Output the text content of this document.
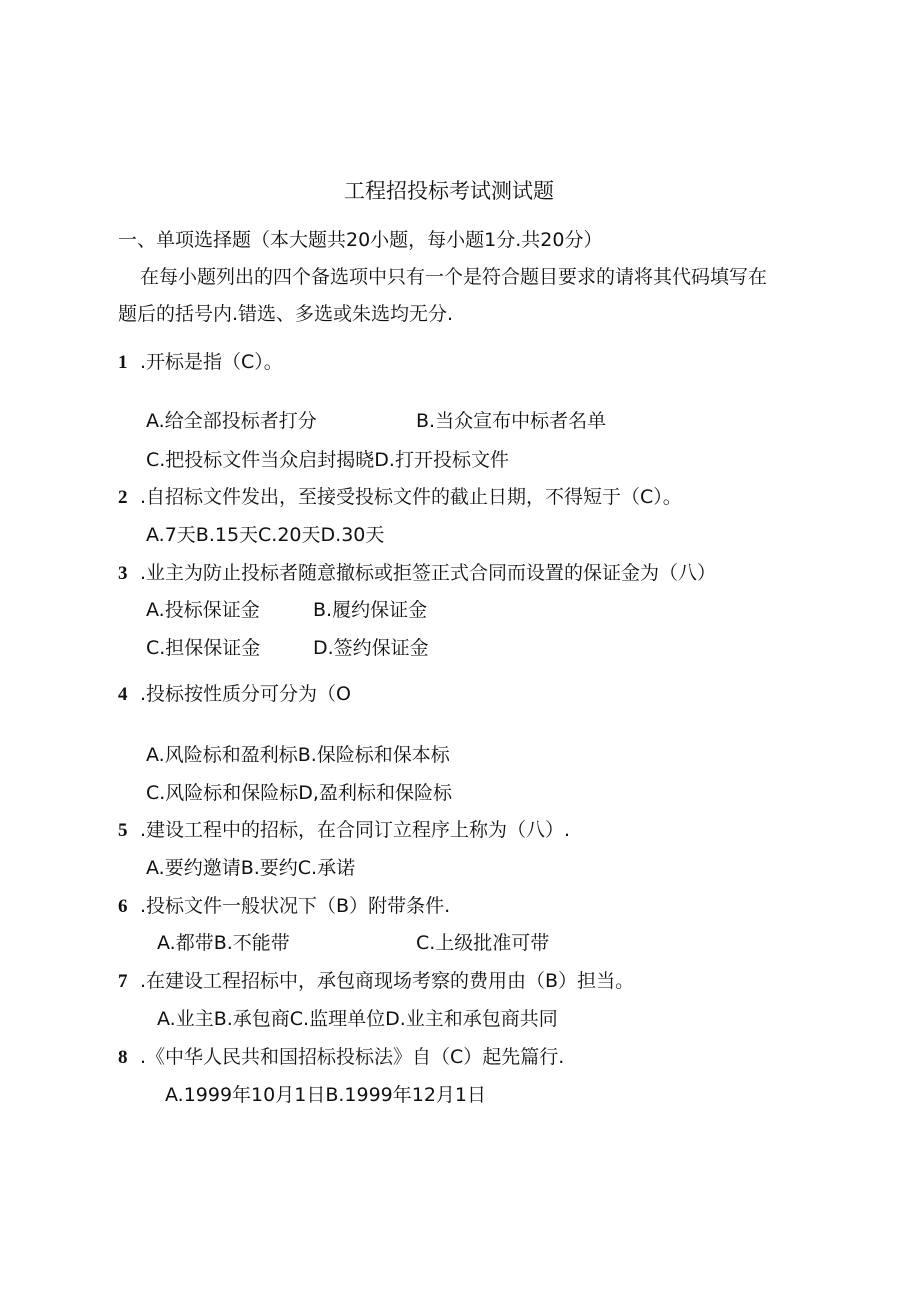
工程招投标考试测试题
一、单项选择题（本大题共20小题，每小题1分.共20分）
在每小题列出的四个备选项中只有一个是符合题目要求的请将其代码填写在
题后的括号内.错选、多选或朱选均无分.
1 .开标是指（C）。
A.给全部投标者打分	B.当众宣布中标者名单
C.把投标文件当众启封揭晓D.打开投标文件
2 .自招标文件发出，至接受投标文件的截止日期，不得短于（C）。
A.7天B.15天C.20天D.30天
3 .业主为防止投标者随意撤标或拒签正式合同而设置的保证金为（八）
A.投标保证金	B.履约保证金
C.担保保证金	D.签约保证金
4 .投标按性质分可分为（O
A.风险标和盈利标B.保险标和保本标
C.风险标和保险标D,盈利标和保险标
5 .建设工程中的招标，在合同订立程序上称为（八）.
A.要约邀请B.要约C.承诺
6 .投标文件一般状况下（B）附带条件.
A.都带B.不能带	C.上级批准可带
7 .在建设工程招标中，承包商现场考察的费用由（B）担当。
A.业主B.承包商C.监理单位D.业主和承包商共同
8 .《中华人民共和国招标投标法》自（C）起先篇行.
A.1999年10月1日B.1999年12月1日
